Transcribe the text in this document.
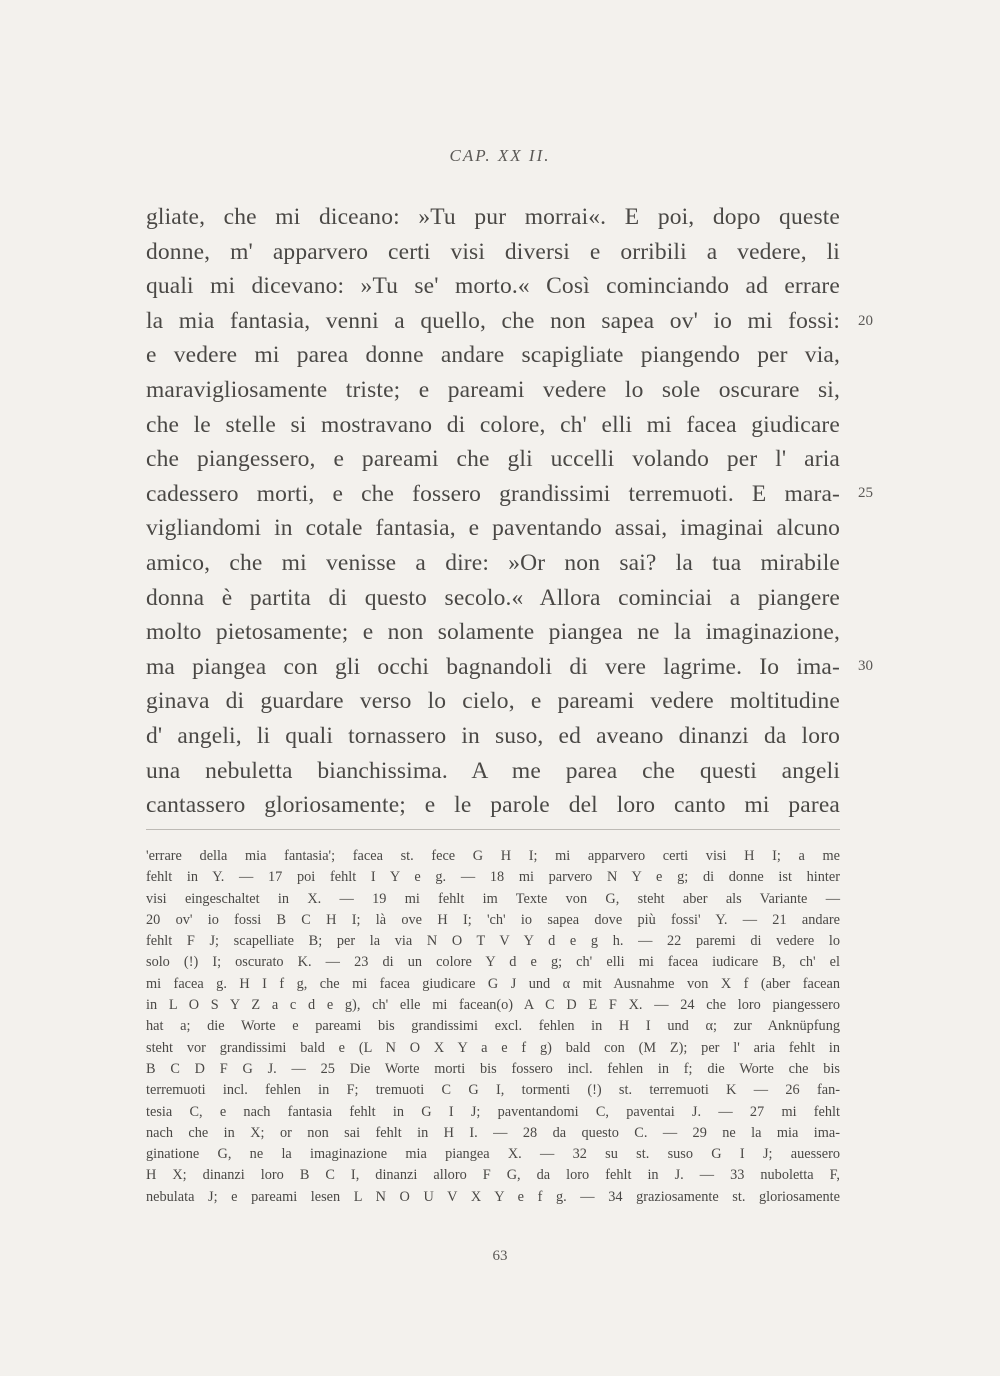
CAP. XX II.
gliate, che mi diceano: »Tu pur morrai«. E poi, dopo queste
donne, m' apparvero certi visi diversi e orribili a vedere, li
quali mi dicevano: »Tu se' morto.« Così cominciando ad errare
la mia fantasia, venni a quello, che non sapea ov' io mi fossi:
e vedere mi parea donne andare scapigliate piangendo per via,
maravigliosamente triste; e pareami vedere lo sole oscurare si,
che le stelle si mostravano di colore, ch' elli mi facea giudicare
che piangessero, e pareami che gli uccelli volando per l' aria
cadessero morti, e che fossero grandissimi terremuoti. E mara-
vigliandomi in cotale fantasia, e paventando assai, imaginai alcuno
amico, che mi venisse a dire: »Or non sai? la tua mirabile
donna è partita di questo secolo.« Allora cominciai a piangere
molto pietosamente; e non solamente piangea ne la imaginazione,
ma piangea con gli occhi bagnandoli di vere lagrime. Io ima-
ginava di guardare verso lo cielo, e pareami vedere moltitudine
d' angeli, li quali tornassero in suso, ed aveano dinanzi da loro
una nebuletta bianchissima. A me parea che questi angeli
cantassero gloriosamente; e le parole del loro canto mi parea
20
25
30
'errare della mia fantasia'; facea st. fece G H I; mi apparvero certi visi H I; a me
fehlt in Y. — 17 poi fehlt I Y e g. — 18 mi parvero N Y e g; di donne ist hinter
visi eingeschaltet in X. — 19 mi fehlt im Texte von G, steht aber als Variante —
20 ov' io fossi B C H I; là ove H I; 'ch' io sapea dove più fossi' Y. — 21 andare
fehlt F J; scapelliate B; per la via N O T V Y d e g h. — 22 paremi di vedere lo
solo (!) I; oscurato K. — 23 di un colore Y d e g; ch' elli mi facea iudicare B, ch' el
mi facea g. H I f g, che mi facea giudicare G J und α mit Ausnahme von X f (aber facean
in L O S Y Z a c d e g), ch' elle mi facean(o) A C D E F X. — 24 che loro piangessero
hat a; die Worte e pareami bis grandissimi excl. fehlen in H I und α; zur Anknüpfung
steht vor grandissimi bald e (L N O X Y a e f g) bald con (M Z); per l' aria fehlt in
B C D F G J. — 25 Die Worte morti bis fossero incl. fehlen in f; die Worte che bis
terremuoti incl. fehlen in F; tremuoti C G I, tormenti (!) st. terremuoti K — 26 fan-
tesia C, e nach fantasia fehlt in G I J; paventandomi C, paventai J. — 27 mi fehlt
nach che in X; or non sai fehlt in H I. — 28 da questo C. — 29 ne la mia ima-
ginatione G, ne la imaginazione mia piangea X. — 32 su st. suso G I J; auessero
H X; dinanzi loro B C I, dinanzi alloro F G, da loro fehlt in J. — 33 nuboletta F,
nebulata J; e pareami lesen L N O U V X Y e f g. — 34 graziosamente st. gloriosamente
63
